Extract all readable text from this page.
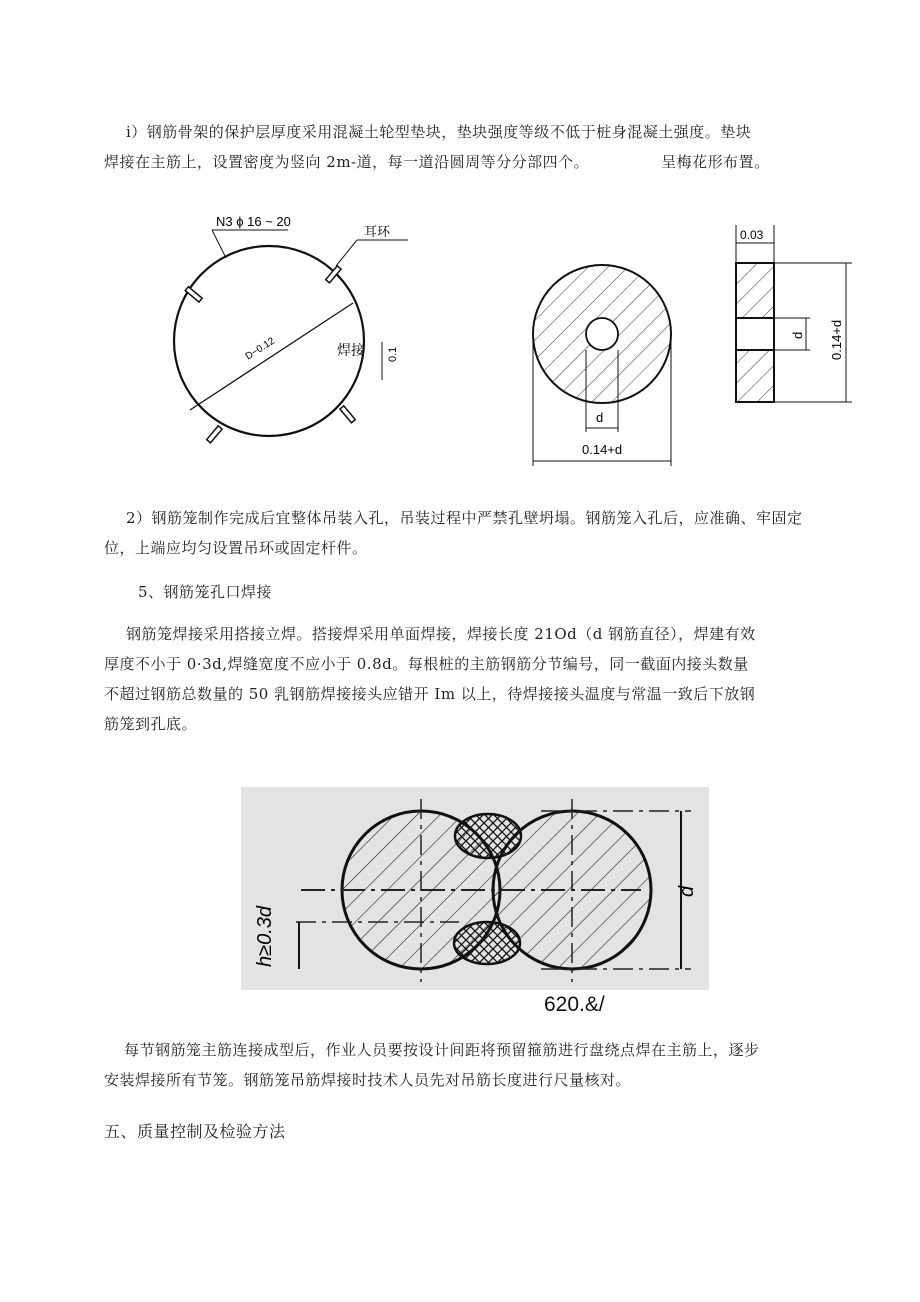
i）钢筋骨架的保护层厚度采用混凝土轮型垫块，垫块强度等级不低于桩身混凝土强度。垫块
焊接在主筋上，设置密度为竖向 2m-道，每一道沿圆周等分分部四个。	呈梅花形布置。
D−0.12
N3 ϕ 16 ~ 20
耳环
焊接 0.1
d
0.14+d
0.03
d 0.14+d
2）钢筋笼制作完成后宜整体吊装入孔，吊装过程中严禁孔壁坍塌。钢筋笼入孔后，应准确、牢固定
位，上端应均匀设置吊环或固定杆件。
5、钢筋笼孔口焊接
钢筋笼焊接采用搭接立焊。搭接焊采用单面焊接，焊接长度 21Od（d 钢筋直径），焊建有效
厚度不小于 0·3d,焊缝宽度不应小于 0.8d。每根桩的主筋钢筋分节编号，同一截面内接头数量
不超过钢筋总数量的 50 乳钢筋焊接接头应错开 Im 以上，待焊接接头温度与常温一致后下放钢
筋笼到孔底。
h≥0.3d
d
620.&/
每节钢筋笼主筋连接成型后，作业人员要按设计间距将预留箍筋进行盘绕点焊在主筋上，逐步
安装焊接所有节笼。钢筋笼吊筋焊接时技术人员先对吊筋长度进行尺量核对。
五、质量控制及检验方法
